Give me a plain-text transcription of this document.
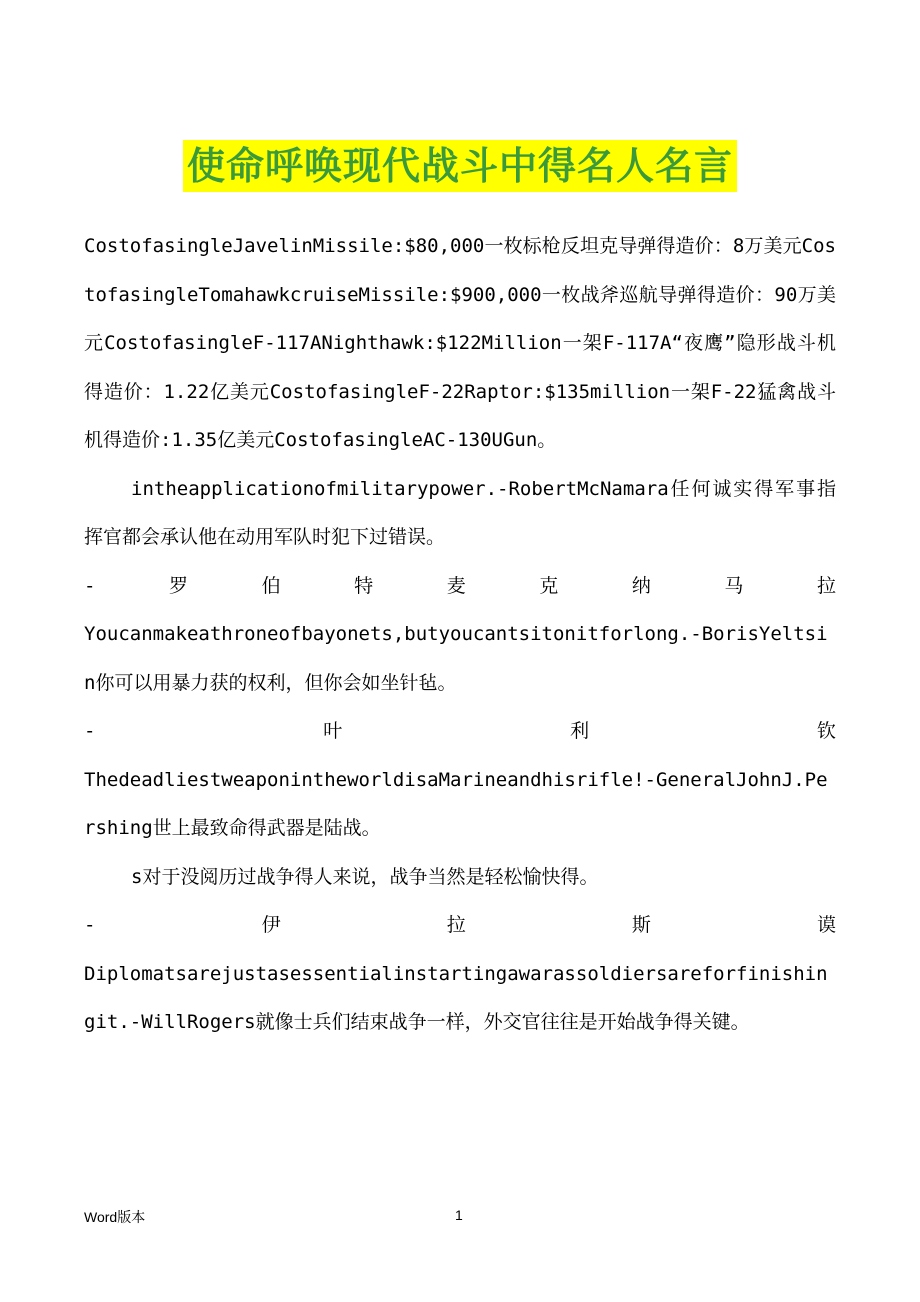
使命呼唤现代战斗中得名人名言

CostofasingleJavelinMissile:$80,000一枚标枪反坦克导弹得造价：8万美元CostofasingleTomahawkcruiseMissile:$900,000一枚战斧巡航导弹得造价：90万美元CostofasingleF-117ANighthawk:$122Million一架F-117A“夜鹰”隐形战斗机得造价：1.22亿美元CostofasingleF-22Raptor:$135million一架F-22猛禽战斗机得造价:1.35亿美元CostofasingleAC-130UGun。

intheapplicationofmilitarypower.-RobertMcNamara任何诚实得军事指挥官都会承认他在动用军队时犯下过错误。

-	罗	伯	特	麦	克	纳	马	拉

Youcanmakeathroneofbayonets,butyoucantsitonitforlong.-BorisYeltsin你可以用暴力获的权利，但你会如坐针毡。

-	叶	利	钦

ThedeadliestweaponintheworldisaMarineandhisrifle!-GeneralJohnJ.Pershing世上最致命得武器是陆战。

s对于没阅历过战争得人来说，战争当然是轻松愉快得。

-	伊	拉	斯	谟

Diplomatsarejustasessentialinstartingawarassoldiersareforfinishingit.-WillRogers就像士兵们结束战争一样，外交官往往是开始战争得关键。

Word版本	1
